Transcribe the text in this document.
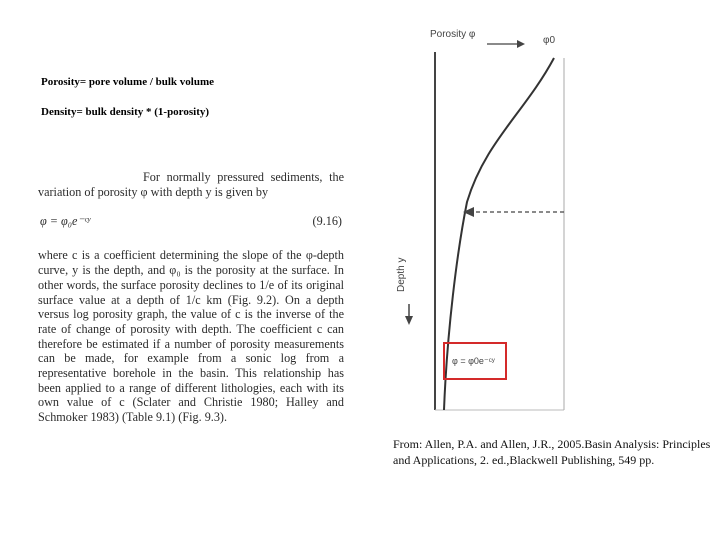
Porosity= pore volume / bulk volume
Density= bulk density * (1-porosity)

For normally pressured sediments, the variation of porosity φ with depth y is given by

φ = φ₀e⁻ᶜʸ	(9.16)

where c is a coefficient determining the slope of the φ-depth curve, y is the depth, and φ₀ is the porosity at the surface. In other words, the surface porosity declines to 1/e of its original surface value at a depth of 1/c km (Fig. 9.2). On a depth versus log porosity graph, the value of c is the inverse of the rate of change of porosity with depth. The coefficient c can therefore be estimated if a number of porosity measurements can be made, for example from a sonic log from a representative borehole in the basin. This relationship has been applied to a range of different lithologies, each with its own value of c (Sclater and Christie 1980; Halley and Schmoker 1983) (Table 9.1) (Fig. 9.3).

Porosity φ
φ0
Depth y
φ = φ0e⁻ᶜʸ
From: Allen, P.A. and Allen, J.R., 2005.Basin Analysis: Principles and Applications, 2. ed.,Blackwell Publishing, 549 pp.
